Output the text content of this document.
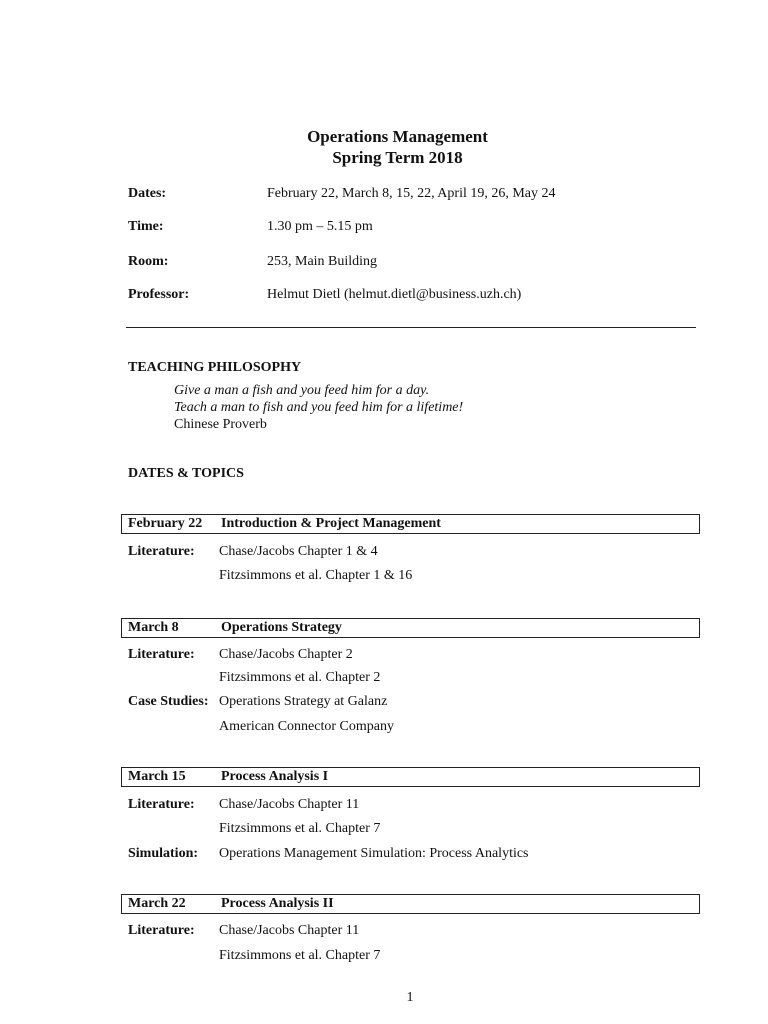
Operations Management
Spring Term 2018
Dates:	February 22, March 8, 15, 22, April 19, 26, May 24
Time:	1.30 pm – 5.15 pm
Room:	253, Main Building
Professor:	Helmut Dietl (helmut.dietl@business.uzh.ch)
TEACHING PHILOSOPHY
Give a man a fish and you feed him for a day.
Teach a man to fish and you feed him for a lifetime!
Chinese Proverb
DATES & TOPICS
February 22 Introduction & Project Management
Literature: Chase/Jacobs Chapter 1 & 4
Fitzsimmons et al. Chapter 1 & 16
March 8	Operations Strategy
Literature: Chase/Jacobs Chapter 2
Fitzsimmons et al. Chapter 2
Case Studies: Operations Strategy at Galanz
American Connector Company
March 15	Process Analysis I
Literature: Chase/Jacobs Chapter 11
Fitzsimmons et al. Chapter 7
Simulation: Operations Management Simulation: Process Analytics
March 22	Process Analysis II
Literature: Chase/Jacobs Chapter 11
Fitzsimmons et al. Chapter 7
1
